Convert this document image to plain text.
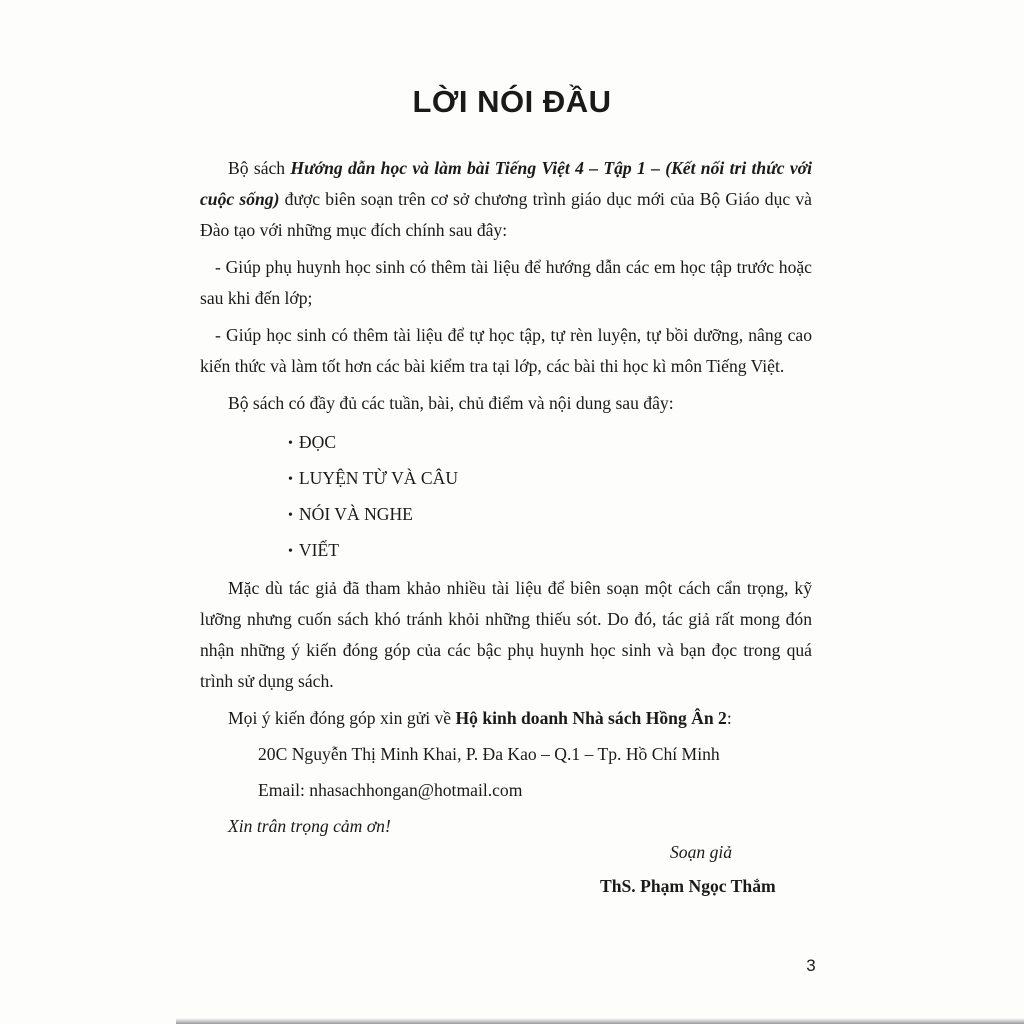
LỜI NÓI ĐẦU

Bộ sách Hướng dẫn học và làm bài Tiếng Việt 4 – Tập 1 – (Kết nối tri thức với cuộc sống) được biên soạn trên cơ sở chương trình giáo dục mới của Bộ Giáo dục và Đào tạo với những mục đích chính sau đây:

- Giúp phụ huynh học sinh có thêm tài liệu để hướng dẫn các em học tập trước hoặc sau khi đến lớp;

- Giúp học sinh có thêm tài liệu để tự học tập, tự rèn luyện, tự bồi dưỡng, nâng cao kiến thức và làm tốt hơn các bài kiểm tra tại lớp, các bài thi học kì môn Tiếng Việt.

Bộ sách có đầy đủ các tuần, bài, chủ điểm và nội dung sau đây:

• ĐỌC
• LUYỆN TỪ VÀ CÂU
• NÓI VÀ NGHE
• VIẾT

Mặc dù tác giả đã tham khảo nhiều tài liệu để biên soạn một cách cẩn trọng, kỹ lưỡng nhưng cuốn sách khó tránh khỏi những thiếu sót. Do đó, tác giả rất mong đón nhận những ý kiến đóng góp của các bậc phụ huynh học sinh và bạn đọc trong quá trình sử dụng sách.

Mọi ý kiến đóng góp xin gửi về Hộ kinh doanh Nhà sách Hồng Ân 2:
20C Nguyễn Thị Minh Khai, P. Đa Kao – Q.1 – Tp. Hồ Chí Minh
Email: nhasachhongan@hotmail.com
Xin trân trọng cảm ơn!
Soạn giả
ThS. Phạm Ngọc Thắm
3
